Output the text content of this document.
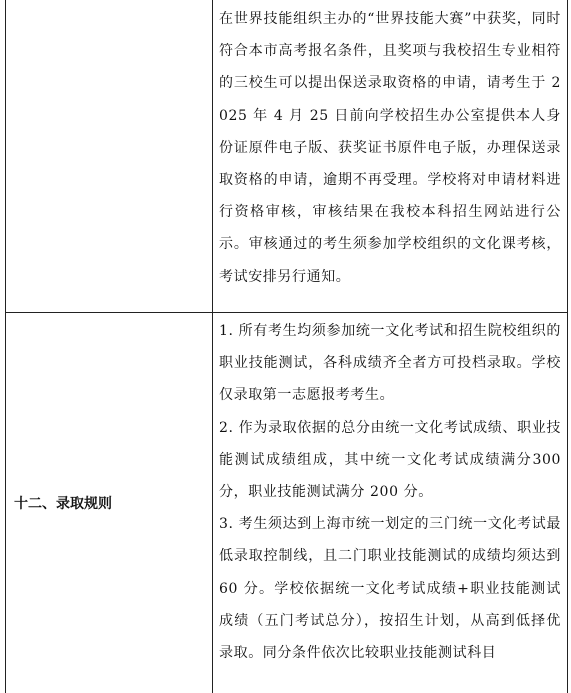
在世界技能组织主办的“世界技能大赛”中获奖，同时符合本市高考报名条件，且奖项与我校招生专业相符的三校生可以提出保送录取资格的申请，请考生于 2025 年 4 月 25 日前向学校招生办公室提供本人身份证原件电子版、获奖证书原件电子版，办理保送录取资格的申请，逾期不再受理。学校将对申请材料进行资格审核，审核结果在我校本科招生网站进行公示。审核通过的考生须参加学校组织的文化课考核，考试安排另行通知。

十二、录取规则

1. 所有考生均须参加统一文化考试和招生院校组织的职业技能测试，各科成绩齐全者方可投档录取。学校仅录取第一志愿报考考生。

2. 作为录取依据的总分由统一文化考试成绩、职业技能测试成绩组成，其中统一文化考试成绩满分300 分，职业技能测试满分 200 分。

3. 考生须达到上海市统一划定的三门统一文化考试最低录取控制线，且二门职业技能测试的成绩均须达到 60 分。学校依据统一文化考试成绩+职业技能测试成绩（五门考试总分），按招生计划，从高到低择优录取。同分条件依次比较职业技能测试科目
